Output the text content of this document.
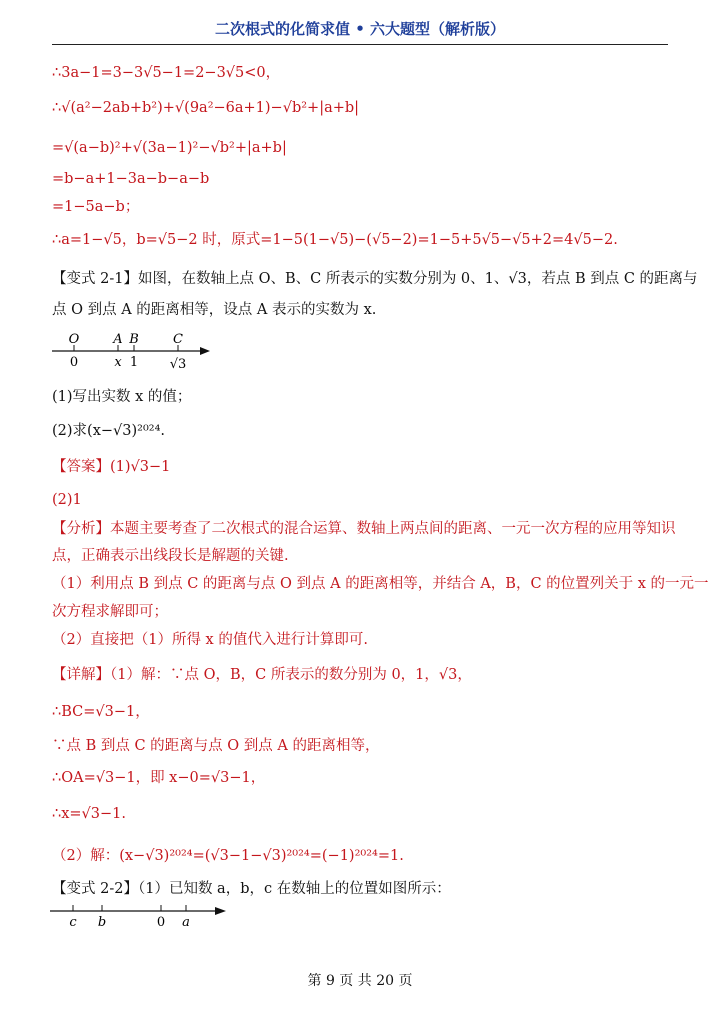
二次根式的化简求值 • 六大题型（解析版）
∴3a−1=3−3√5−1=2−3√5<0，
∴√(a²−2ab+b²)+√(9a²−6a+1)−√b²+|a+b|
=√(a−b)²+√(3a−1)²−√b²+|a+b|
=b−a+1−3a−b−a−b
=1−5a−b；
∴a=1−√5，b=√5−2 时，原式=1−5(1−√5)−(√5−2)=1−5+5√5−√5+2=4√5−2.
【变式 2-1】如图，在数轴上点 O、B、C 所表示的实数分别为 0、1、√3，若点 B 到点 C 的距离与
点 O 到点 A 的距离相等，设点 A 表示的实数为 x.
O	A B	C
0	x 1 √3
(1)写出实数 x 的值；
(2)求(x−√3)²⁰²⁴.
【答案】(1)√3−1
(2)1
【分析】本题主要考查了二次根式的混合运算、数轴上两点间的距离、一元一次方程的应用等知识
点，正确表示出线段长是解题的关键.
（1）利用点 B 到点 C 的距离与点 O 到点 A 的距离相等，并结合 A，B，C 的位置列关于 x 的一元一
次方程求解即可；
（2）直接把（1）所得 x 的值代入进行计算即可.
【详解】（1）解：∵点 O，B，C 所表示的数分别为 0，1，√3，
∴BC=√3−1，
∵点 B 到点 C 的距离与点 O 到点 A 的距离相等，
∴OA=√3−1，即 x−0=√3−1，
∴x=√3−1.
（2）解：(x−√3)²⁰²⁴=(√3−1−√3)²⁰²⁴=(−1)²⁰²⁴=1.
【变式 2-2】（1）已知数 a，b，c 在数轴上的位置如图所示：
c b	0 a
第 9 页 共 20 页
